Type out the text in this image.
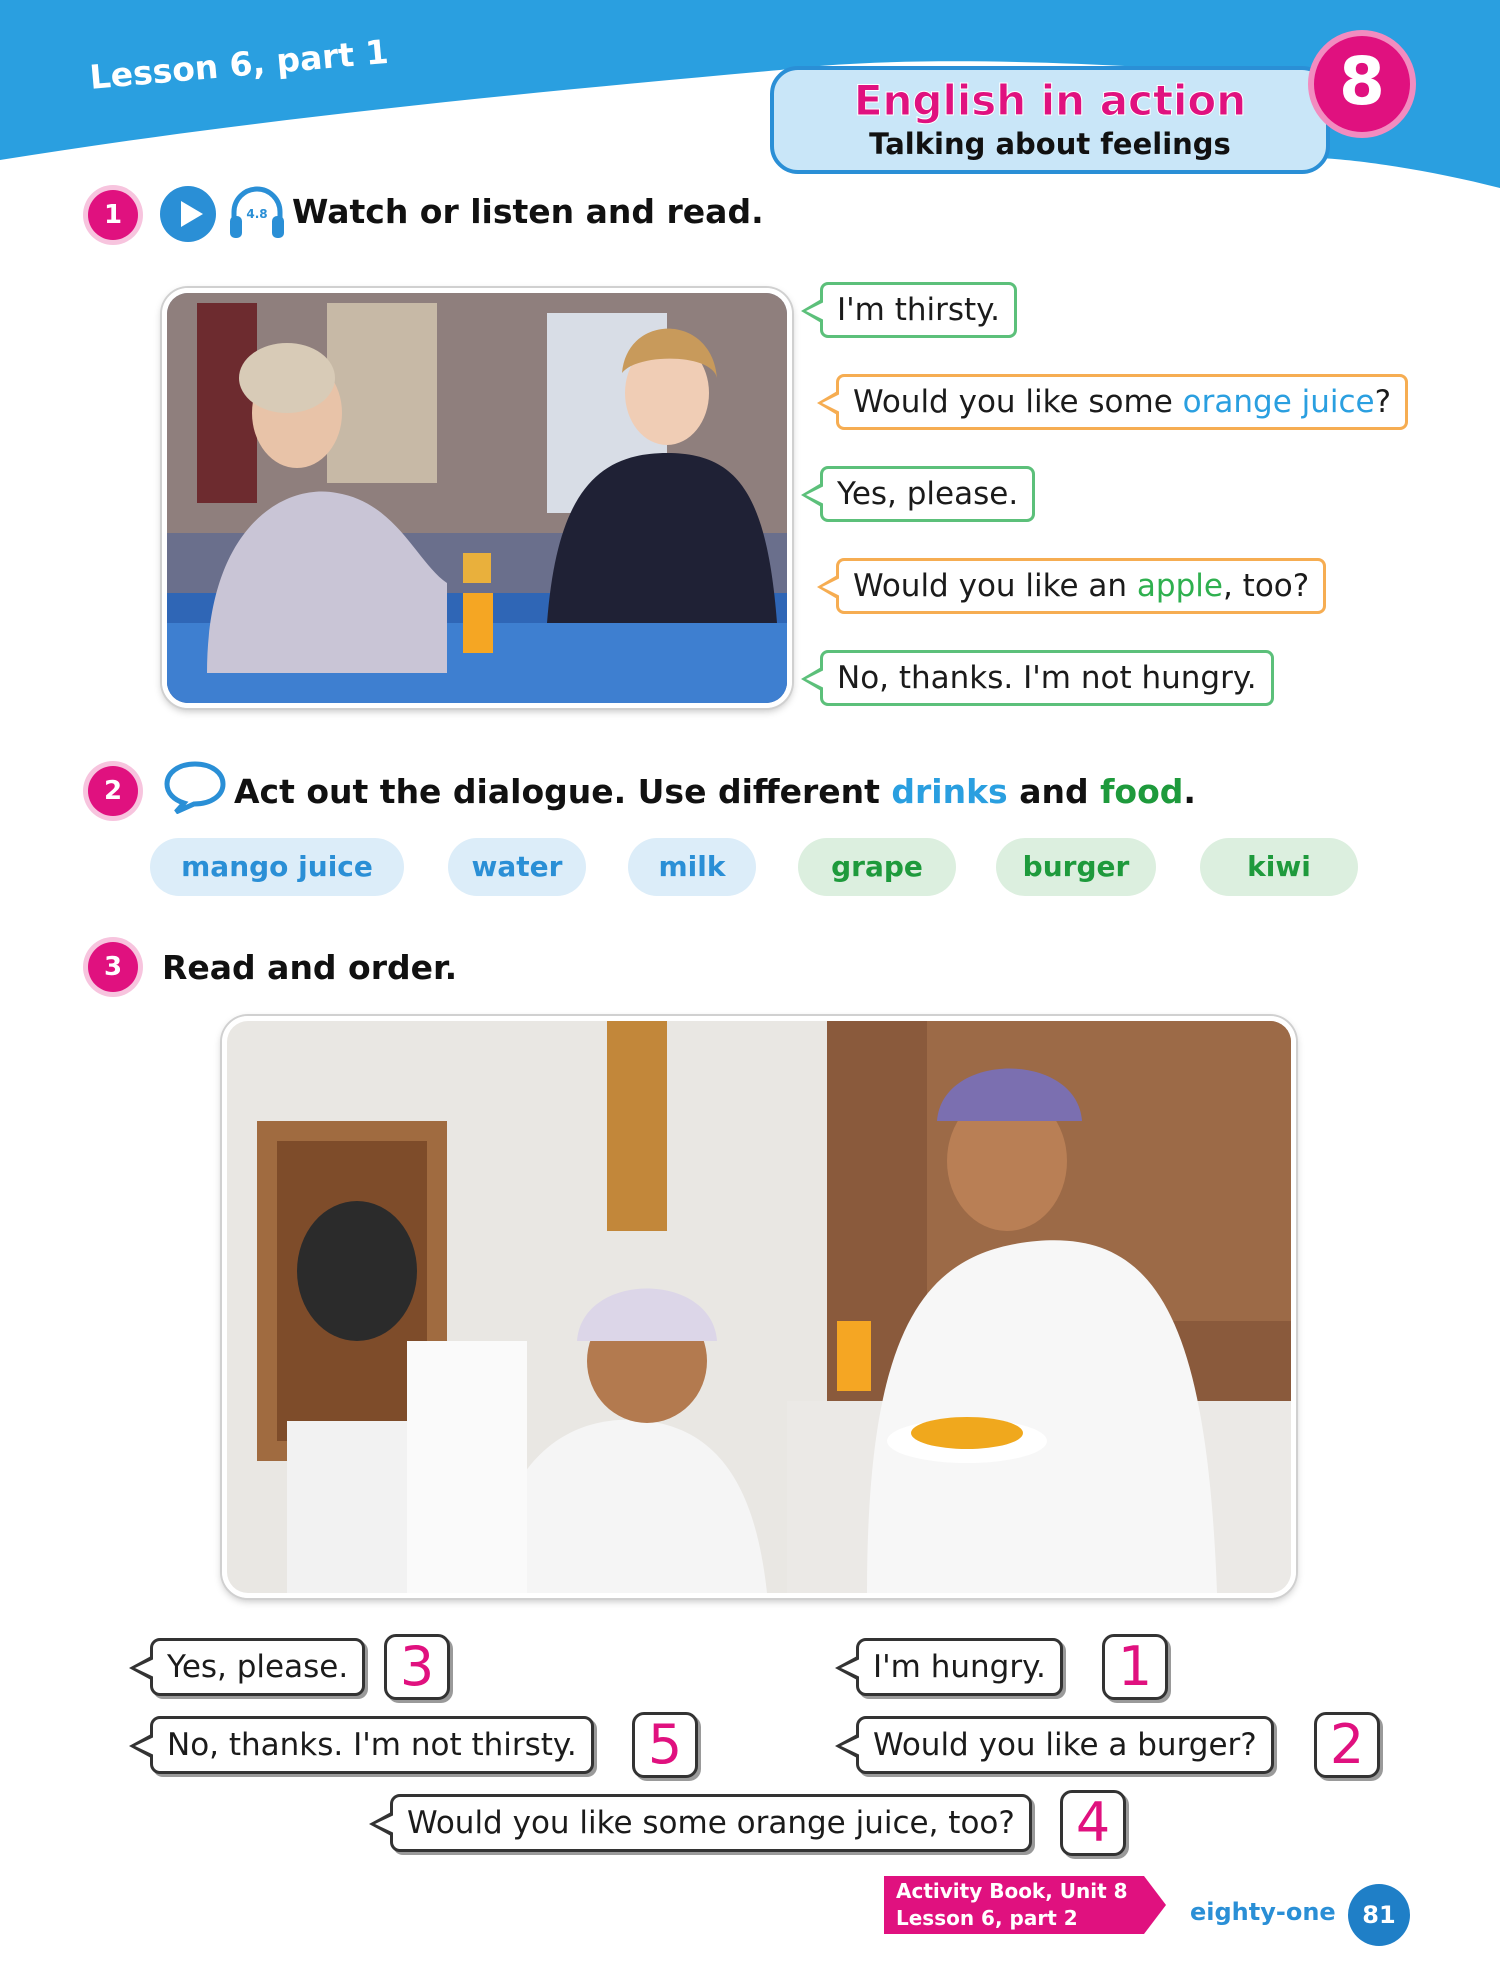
Lesson 6, part 1
English in action
Talking about feelings
8
1	4.8 Watch or listen and read.
I'm thirsty.
Would you like some orange juice?
Yes, please.
Would you like an apple, too?
No, thanks. I'm not hungry.
2	Act out the dialogue. Use different drinks and food.
mango juice	water	milk	grape	burger	kiwi
3	Read and order.
Yes, please. 3	I'm hungry.	1
No, thanks. I'm not thirsty.	5	Would you like a burger?	2
Would you like some orange juice, too?	4
Activity Book, Unit 8
Lesson 6, part 2	eighty-one	81
